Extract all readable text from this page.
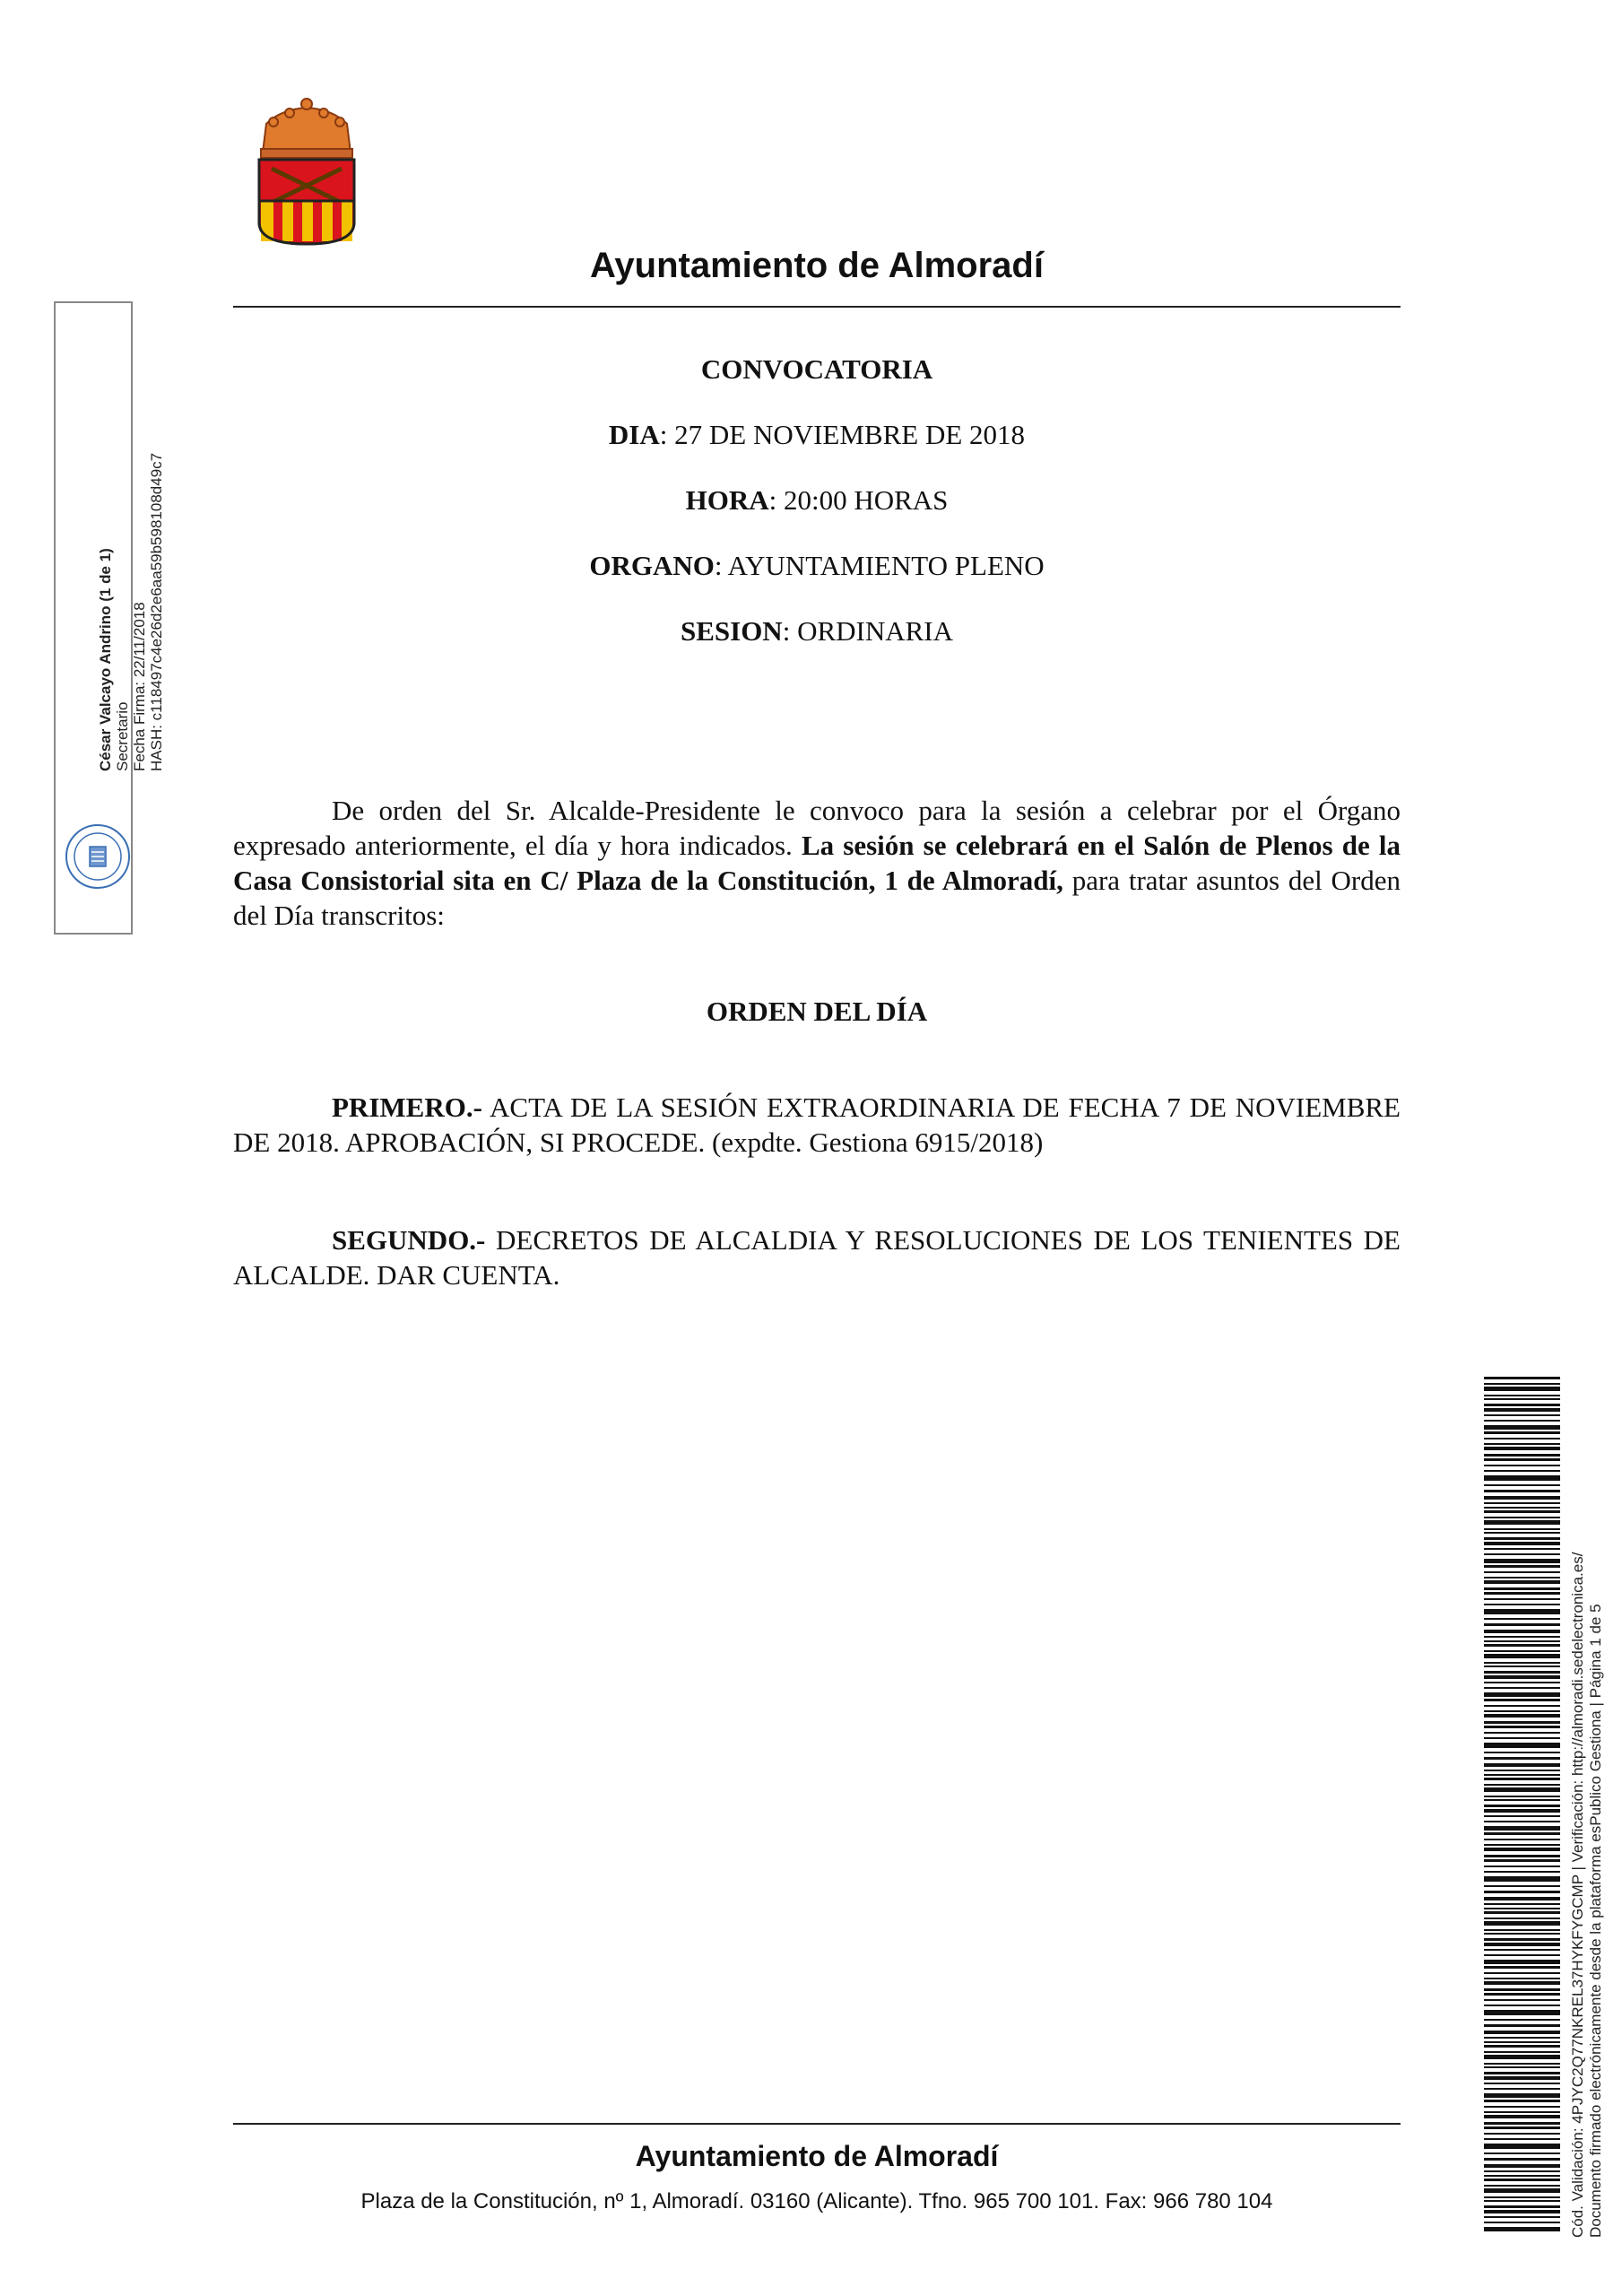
Ayuntamiento de Almoradí
CONVOCATORIA
DIA: 27 DE NOVIEMBRE DE 2018
HORA: 20:00 HORAS
ORGANO: AYUNTAMIENTO PLENO
SESION: ORDINARIA
De orden del Sr. Alcalde-Presidente le convoco para la sesión a celebrar por el Órgano expresado anteriormente, el día y hora indicados. La sesión se celebrará en el Salón de Plenos de la Casa Consistorial sita en C/ Plaza de la Constitución, 1 de Almoradí, para tratar asuntos del Orden del Día transcritos:
ORDEN DEL DÍA
PRIMERO.- ACTA DE LA SESIÓN EXTRAORDINARIA DE FECHA 7 DE NOVIEMBRE DE 2018. APROBACIÓN, SI PROCEDE. (expdte. Gestiona 6915/2018)
SEGUNDO.- DECRETOS DE ALCALDIA Y RESOLUCIONES DE LOS TENIENTES DE ALCALDE. DAR CUENTA.
Ayuntamiento de Almoradí
Plaza de la Constitución, nº 1, Almoradí. 03160 (Alicante). Tfno. 965 700 101. Fax: 966 780 104
César Valcayo Andrino (1 de 1) Secretario Fecha Firma: 22/11/2018 HASH: c118497c4e26d2e6aa59b598108d49c7
Cód. Validación: 4PJYC2Q77NKREL37HYKFYGCMP | Verificación: http://almoradi.sedelectronica.es/ Documento firmado electrónicamente desde la plataforma esPublico Gestiona | Página 1 de 5
